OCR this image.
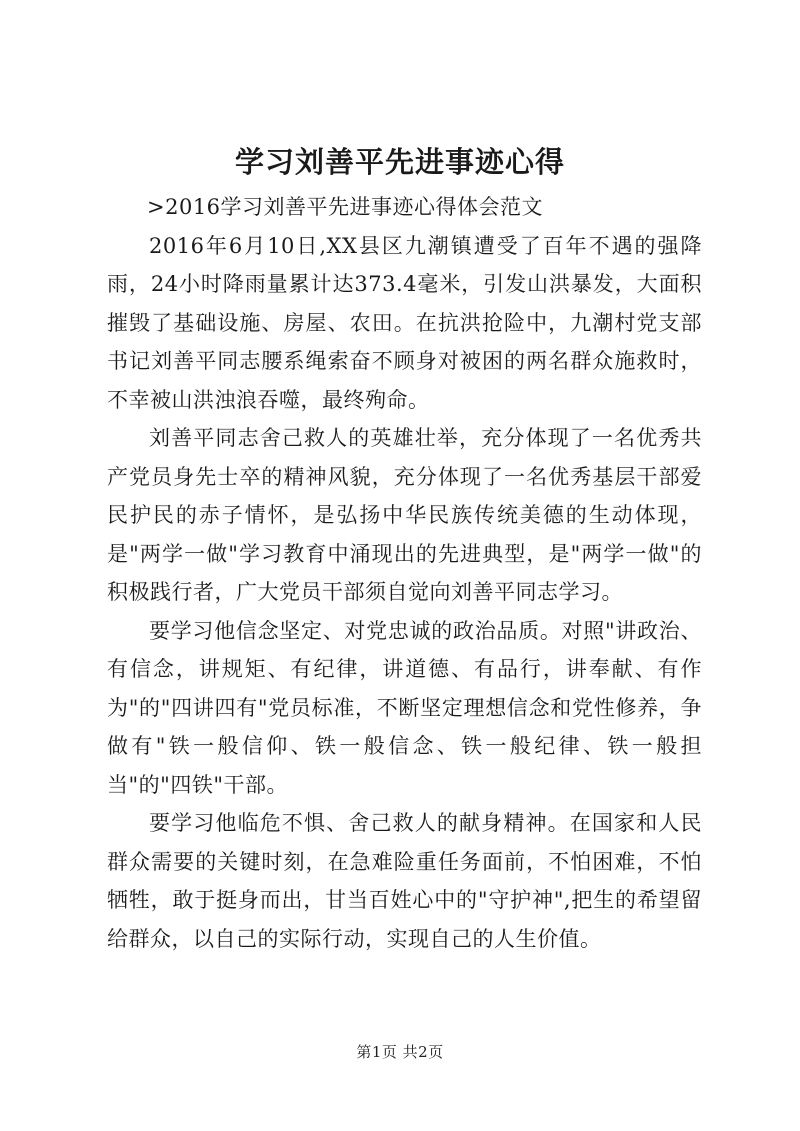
学习刘善平先进事迹心得

>2016学习刘善平先进事迹心得体会范文

2016年6月10日,XX县区九潮镇遭受了百年不遇的强降雨，24小时降雨量累计达373.4毫米，引发山洪暴发，大面积摧毁了基础设施、房屋、农田。在抗洪抢险中，九潮村党支部书记刘善平同志腰系绳索奋不顾身对被困的两名群众施救时，不幸被山洪浊浪吞噬，最终殉命。

刘善平同志舍己救人的英雄壮举，充分体现了一名优秀共产党员身先士卒的精神风貌，充分体现了一名优秀基层干部爱民护民的赤子情怀，是弘扬中华民族传统美德的生动体现，是"两学一做"学习教育中涌现出的先进典型，是"两学一做"的积极践行者，广大党员干部须自觉向刘善平同志学习。

要学习他信念坚定、对党忠诚的政治品质。对照"讲政治、有信念，讲规矩、有纪律，讲道德、有品行，讲奉献、有作为"的"四讲四有"党员标准，不断坚定理想信念和党性修养，争做有"铁一般信仰、铁一般信念、铁一般纪律、铁一般担当"的"四铁"干部。

要学习他临危不惧、舍己救人的献身精神。在国家和人民群众需要的关键时刻，在急难险重任务面前，不怕困难，不怕牺牲，敢于挺身而出，甘当百姓心中的"守护神",把生的希望留给群众，以自己的实际行动，实现自己的人生价值。

第1页 共2页
